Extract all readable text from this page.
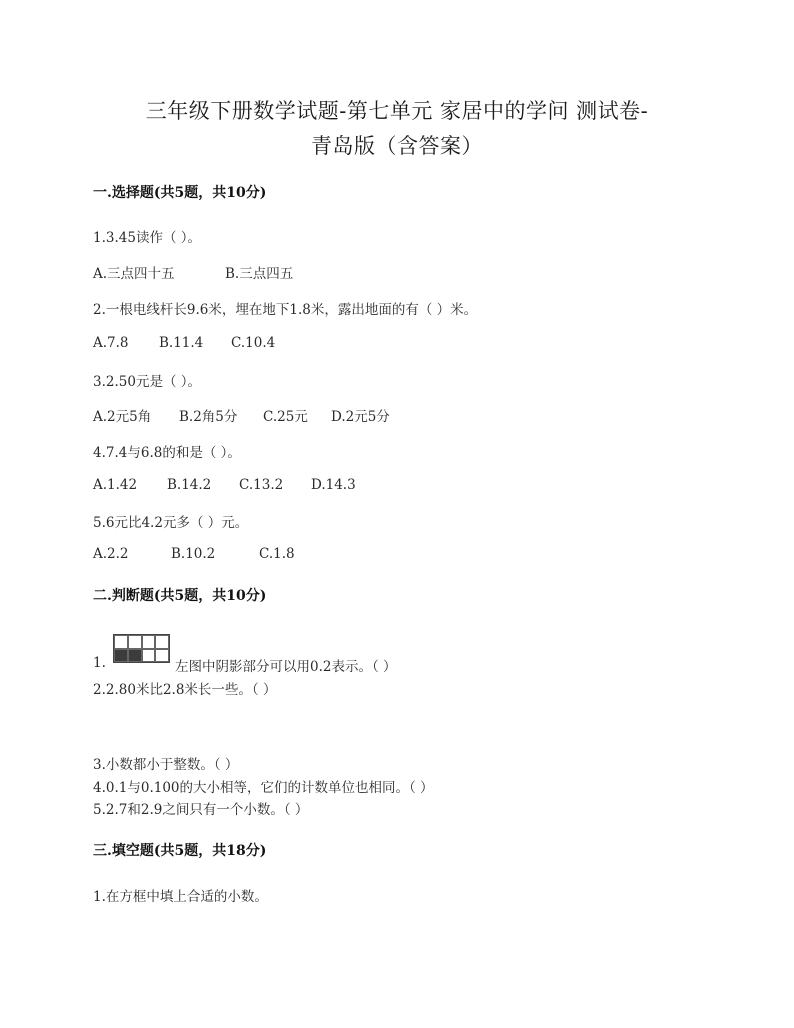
三年级下册数学试题-第七单元 家居中的学问 测试卷-
青岛版（含答案）
一.选择题(共5题，共10分)
1.3.45读作（ ）。
A.三点四十五	B.三点四五
2.一根电线杆长9.6米，埋在地下1.8米，露出地面的有（ ）米。
A.7.8 B.11.4 C.10.4
3.2.50元是（ ）。
A.2元5角 B.2角5分 C.25元 D.2元5分
4.7.4与6.8的和是（ ）。
A.1.42 B.14.2 C.13.2 D.14.3
5.6元比4.2元多（ ）元。
A.2.2	B.10.2	C.1.8
二.判断题(共5题，共10分)
1.	左图中阴影部分可以用0.2表示。（ ）
2.2.80米比2.8米长一些。（ ）
3.小数都小于整数。（ ）
4.0.1与0.100的大小相等，它们的计数单位也相同。（ ）
5.2.7和2.9之间只有一个小数。（ ）
三.填空题(共5题，共18分)
1.在方框中填上合适的小数。
